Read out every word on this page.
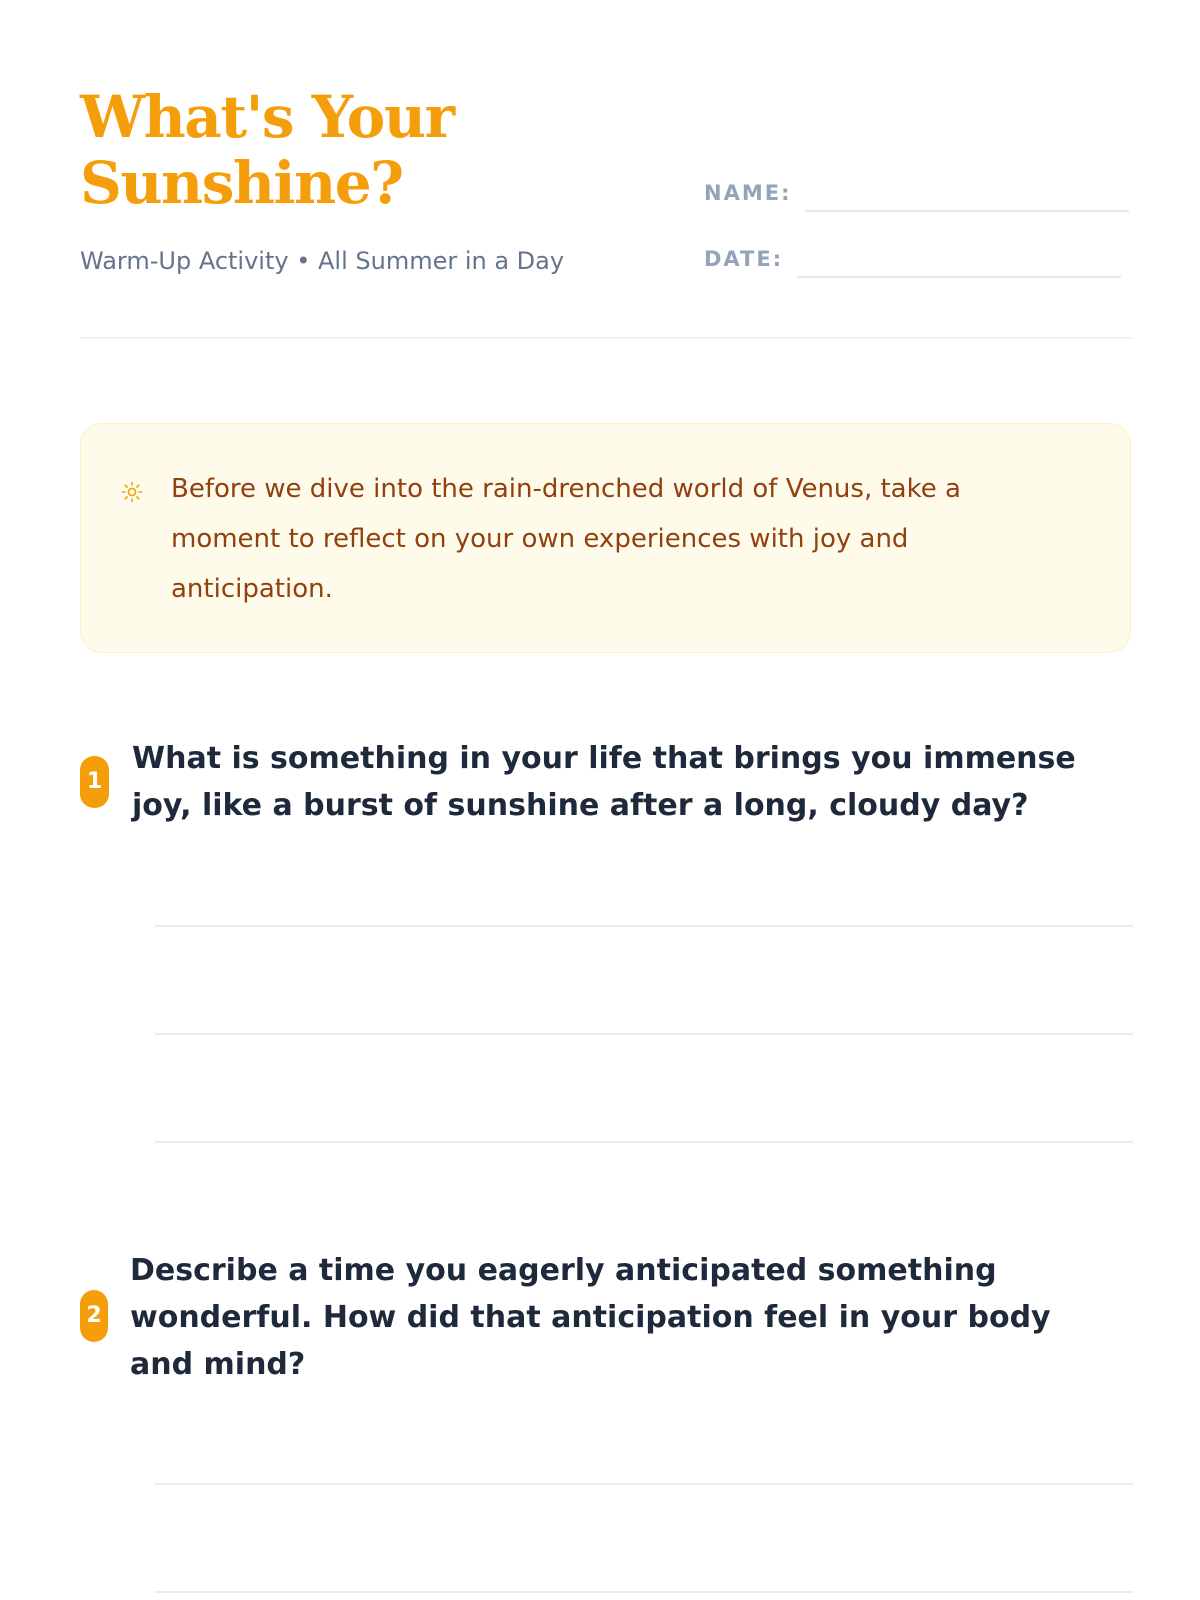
What's Your Sunshine?
Warm-Up Activity • All Summer in a Day
NAME:
DATE:

Before we dive into the rain-drenched world of Venus, take a moment to reflect on your own experiences with joy and anticipation.

1

What is something in your life that brings you immense joy, like a burst of sunshine after a long, cloudy day?

2

Describe a time you eagerly anticipated something wonderful. How did that anticipation feel in your body and mind?
